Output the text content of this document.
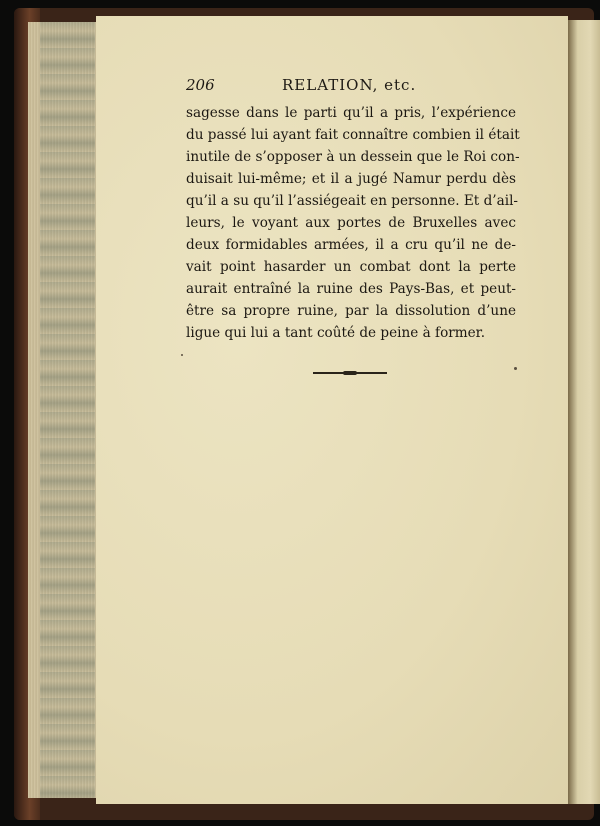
206	RELATION, etc.
sagesse dans le parti qu’il a pris, l’expérience
du passé lui ayant fait connaître combien il était
inutile de s’opposer à un dessein que le Roi con-
duisait lui-même; et il a jugé Namur perdu dès
qu’il a su qu’il l’assiégeait en personne. Et d’ail-
leurs, le voyant aux portes de Bruxelles avec
deux formidables armées, il a cru qu’il ne de-
vait point hasarder un combat dont la perte
aurait entraîné la ruine des Pays-Bas, et peut-
être sa propre ruine, par la dissolution d’une
ligue qui lui a tant coûté de peine à former.
